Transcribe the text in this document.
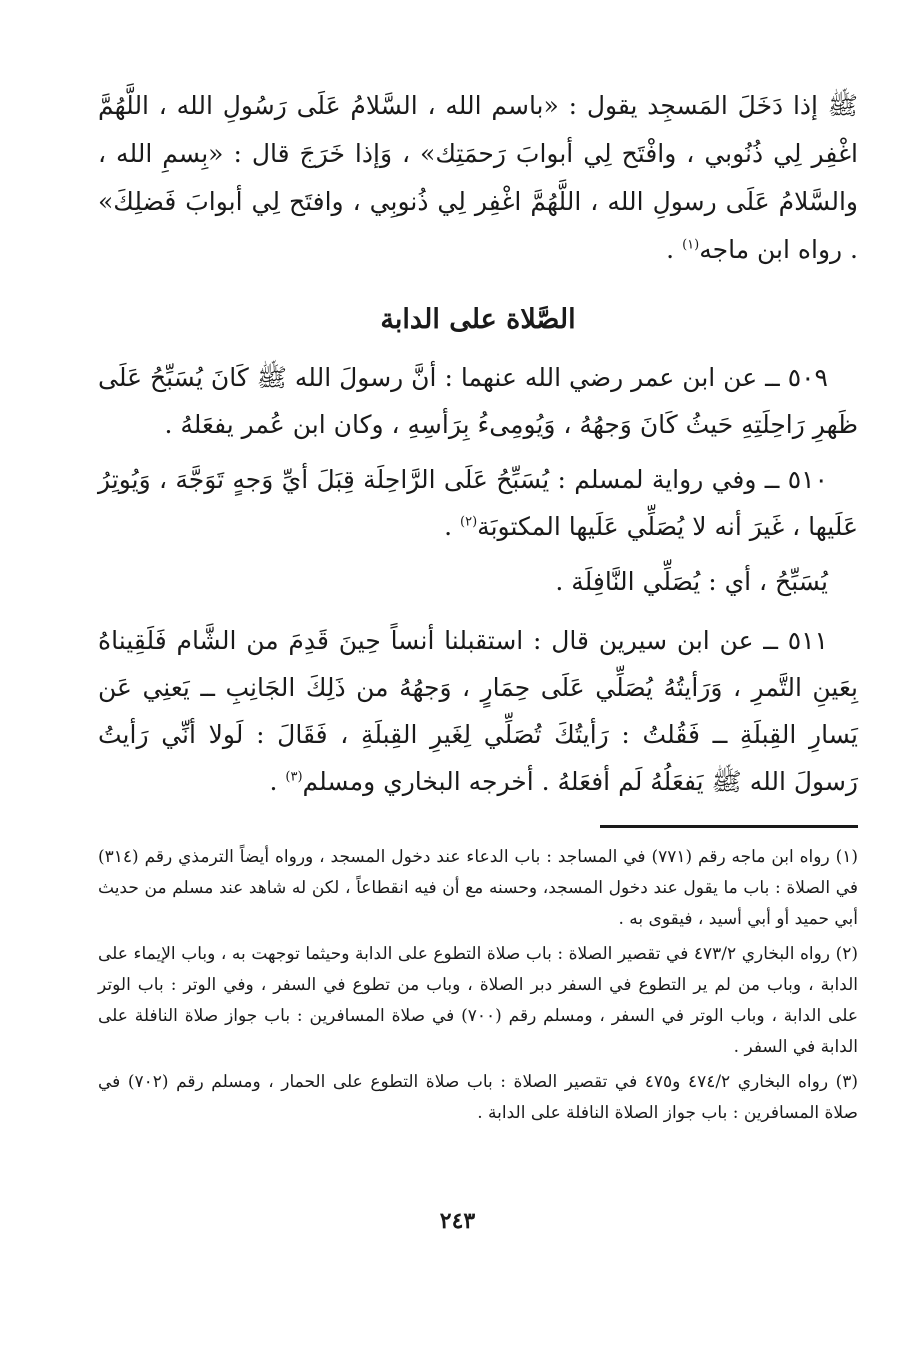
ﷺ إذا دَخَلَ المَسجِد يقول : «باسم الله ، السَّلامُ عَلَى رَسُولِ الله ، اللَّهُمَّ اغْفِر لِي ذُنُوبي ، وافْتَح لِي أبوابَ رَحمَتِك» ، وَإذا خَرَجَ قال : «بِسمِ الله ، والسَّلامُ عَلَى رسولِ الله ، اللَّهُمَّ اغْفِر لِي ذُنوبِي ، وافتَح لِي أبوابَ فَضلِكَ» . رواه ابن ماجه$^{(١)}$ .

الصَّلاة على الدابة

٥٠٩ ــ عن ابن عمر رضي الله عنهما : أنَّ رسولَ الله ﷺ كَانَ يُسَبِّحُ عَلَى ظَهرِ رَاحِلَتِهِ حَيثُ كَانَ وَجهُهُ ، وَيُومِىءُ بِرَأسِهِ ، وكان ابن عُمر يفعَلهُ .

٥١٠ ــ وفي رواية لمسلم : يُسَبِّحُ عَلَى الرَّاحِلَة قِبَلَ أيِّ وَجهٍ تَوَجَّهَ ، وَيُوتِرُ عَلَيها ، غَيرَ أنه لا يُصَلِّي عَلَيها المكتوبَة$^{(٢)}$ .

يُسَبِّحُ ، أي : يُصَلِّي النَّافِلَة .

٥١١ ــ عن ابن سيرين قال : استقبلنا أنساً حِينَ قَدِمَ من الشَّام فَلَقِيناهُ بِعَينِ التَّمرِ ، وَرَأيتُهُ يُصَلِّي عَلَى حِمَارٍ ، وَجهُهُ من ذَلِكَ الجَانِبِ ــ يَعنِي عَن يَسارِ القِبلَةِ ــ فَقُلتُ : رَأيتُكَ تُصَلِّي لِغَيرِ القِبلَةِ ، فَقَالَ : لَولا أنِّي رَأيتُ رَسولَ الله ﷺ يَفعَلُهُ لَم أفعَلهُ . أخرجه البخاري ومسلم$^{(٣)}$ .

(١) رواه ابن ماجه رقم (٧٧١) في المساجد : باب الدعاء عند دخول المسجد ، ورواه أيضاً الترمذي رقم (٣١٤) في الصلاة : باب ما يقول عند دخول المسجد، وحسنه مع أن فيه انقطاعاً ، لكن له شاهد عند مسلم من حديث أبي حميد أو أبي أسيد ، فيقوى به .

(٢) رواه البخاري ٤٧٣/٢ في تقصير الصلاة : باب صلاة التطوع على الدابة وحيثما توجهت به ، وباب الإيماء على الدابة ، وباب من لم ير التطوع في السفر دبر الصلاة ، وباب من تطوع في السفر ، وفي الوتر : باب الوتر على الدابة ، وباب الوتر في السفر ، ومسلم رقم (٧٠٠) في صلاة المسافرين : باب جواز صلاة النافلة على الدابة في السفر .

(٣) رواه البخاري ٤٧٤/٢ و٤٧٥ في تقصير الصلاة : باب صلاة التطوع على الحمار ، ومسلم رقم (٧٠٢) في صلاة المسافرين : باب جواز الصلاة النافلة على الدابة .

٢٤٣
